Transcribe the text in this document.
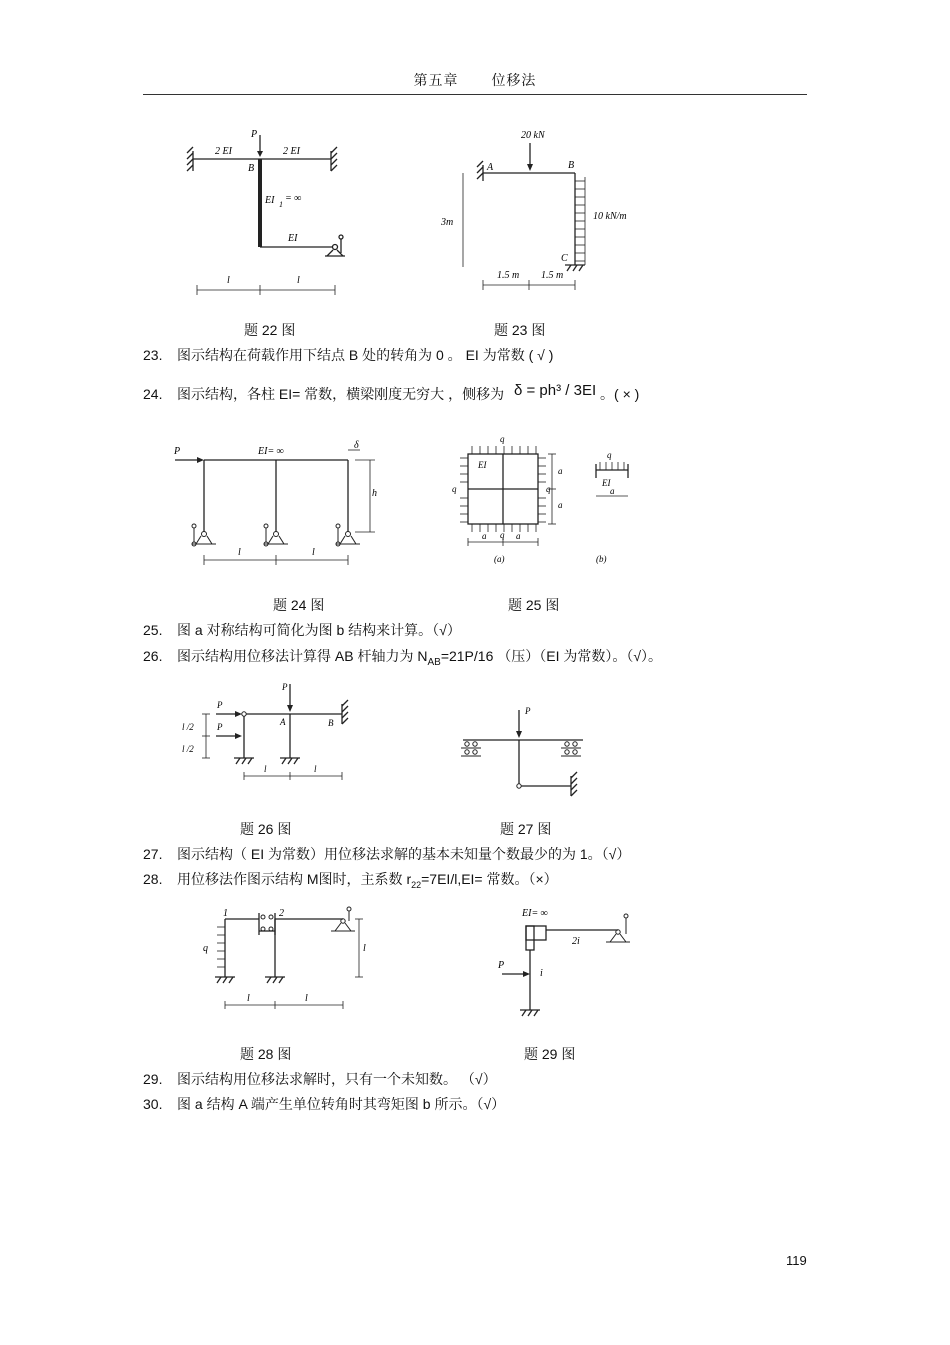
第五章 位移法
P
B
2 EI	2 EI
EI 1
= ∞
EI
l	l
20 kN
A	B
C
10 kN/m
3m
1.5 m 1.5 m
题 22 图	题 23 图
23. 图示结构在荷载作用下结点 B 处的转角为 0 。 EI 为常数 ( √ )
24. 图示结构，各柱 EI= 常数，横梁刚度无穷大 ，侧移为 δ = ph³ / 3EI 。( × )
P	EI= ∞
δ
h
l	l
q
q	q
q
EI
a
a
a	a
(a)	(b)
q
EI
a
题 24 图	题 25 图
25. 图 a 对称结构可简化为图 b 结构来计算。（√）
26. 图示结构用位移法计算得 AB 杆轴力为 $N_{AB}=21P/16$ （压）（EI 为常数）。（√）。
P
P
P	A	B
l /2
l /2
l	l
P
题 26 图	题 27 图
27. 图示结构（ EI 为常数）用位移法求解的基本未知量个数最少的为 1。（√）
28. 用位移法作图示结构 M图时，主系数 $r_{22}=7EI/l,EI=$ 常数。（×）
1	2
q	l
l	l
EI= ∞
2i
P
i
题 28 图	题 29 图
29. 图示结构用位移法求解时，只有一个未知数。 （√）
30. 图 a 结构 A 端产生单位转角时其弯矩图 b 所示。（√）
119
